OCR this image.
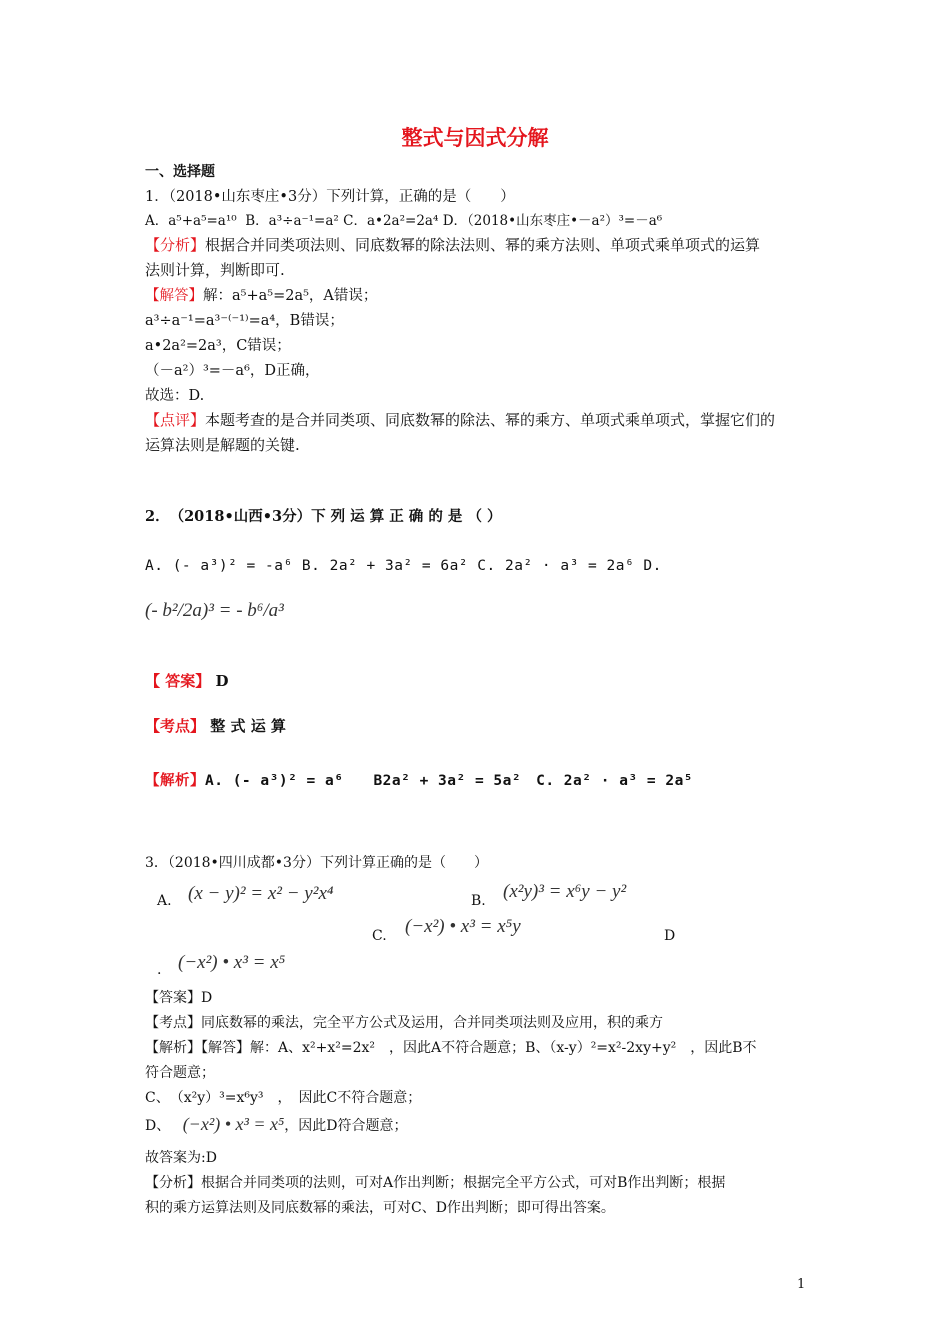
整式与因式分解
一、选择题
1．（2018•山东枣庄•3分）下列计算，正确的是（　　）
A．a⁵+a⁵=a¹⁰ B．a³÷a⁻¹=a² C．a•2a²=2a⁴ D．（2018•山东枣庄•－a²）³=－a⁶
【分析】根据合并同类项法则、同底数幂的除法法则、幂的乘方法则、单项式乘单项式的运算
法则计算，判断即可.
【解答】解：a⁵+a⁵=2a⁵，A错误；
a³÷a⁻¹=a³⁻⁽⁻¹⁾=a⁴，B错误；
a•2a²=2a³，C错误；
（－a²）³=－a⁶，D正确，
故选：D.
【点评】本题考查的是合并同类项、同底数幂的除法、幂的乘方、单项式乘单项式，掌握它们的
运算法则是解题的关键.
2．　（2018•山西•3分）下 列 运 算 正 确 的 是 （ ）
A. (- a³)² = -a⁶ B. 2a² + 3a² = 6a² C. 2a² · a³ = 2a⁶ D.
(- b²/2a)³ = - b⁶/a³
【 答案】 D
【考点】 整 式 运 算
【解析】A. (- a³)² = a⁶　　B2a² + 3a² = 5a²　C. 2a² · a³ = 2a⁵
3．（2018•四川成都•3分）下列计算正确的是（　　）
A. (x − y)² = x² − y²x⁴	B. (x²y)³ = x⁶y − y²
C. (−x²) • x³ = x⁵y	D
. (−x²) • x³ = x⁵
【答案】D
【考点】同底数幂的乘法，完全平方公式及运用，合并同类项法则及应用，积的乘方
【解析】【解答】解：A、x²+x²=2x²　，因此A不符合题意；B、（x-y）²=x²-2xy+y²　，因此B不
符合题意；
C、　（x²y）³=x⁶y³　，　因此C不符合题意；
D、 (−x²) • x³ = x⁵，因此D符合题意；
故答案为:D
【分析】根据合并同类项的法则，可对A作出判断；根据完全平方公式，可对B作出判断；根据
积的乘方运算法则及同底数幂的乘法，可对C、D作出判断；即可得出答案。
1
